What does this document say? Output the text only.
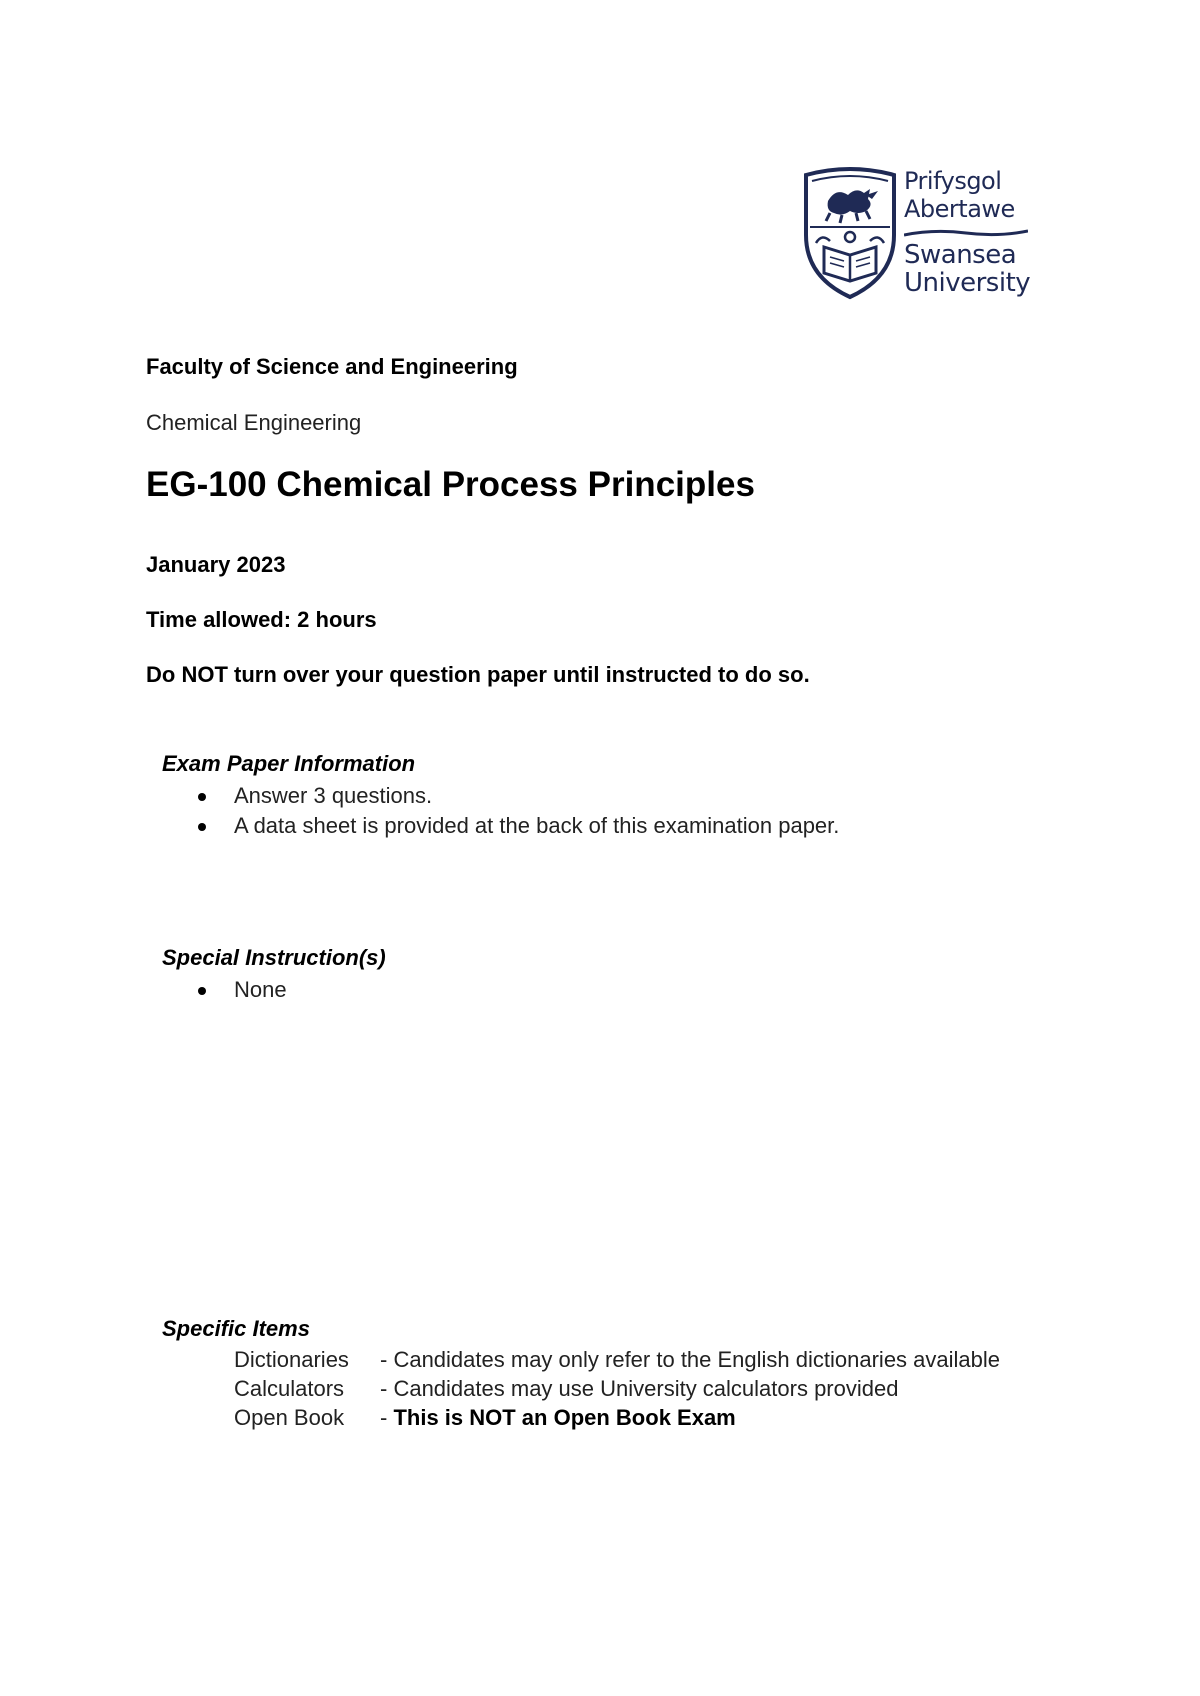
Prifysgol
Abertawe
Swansea
University
Faculty of Science and Engineering
Chemical Engineering
EG-100 Chemical Process Principles
January 2023
Time allowed: 2 hours
Do NOT turn over your question paper until instructed to do so.
Exam Paper Information
Answer 3 questions.
A data sheet is provided at the back of this examination paper.
Special Instruction(s)
None
Specific Items
Dictionaries	- Candidates may only refer to the English dictionaries available
Calculators	- Candidates may use University calculators provided
Open Book	- This is NOT an Open Book Exam
